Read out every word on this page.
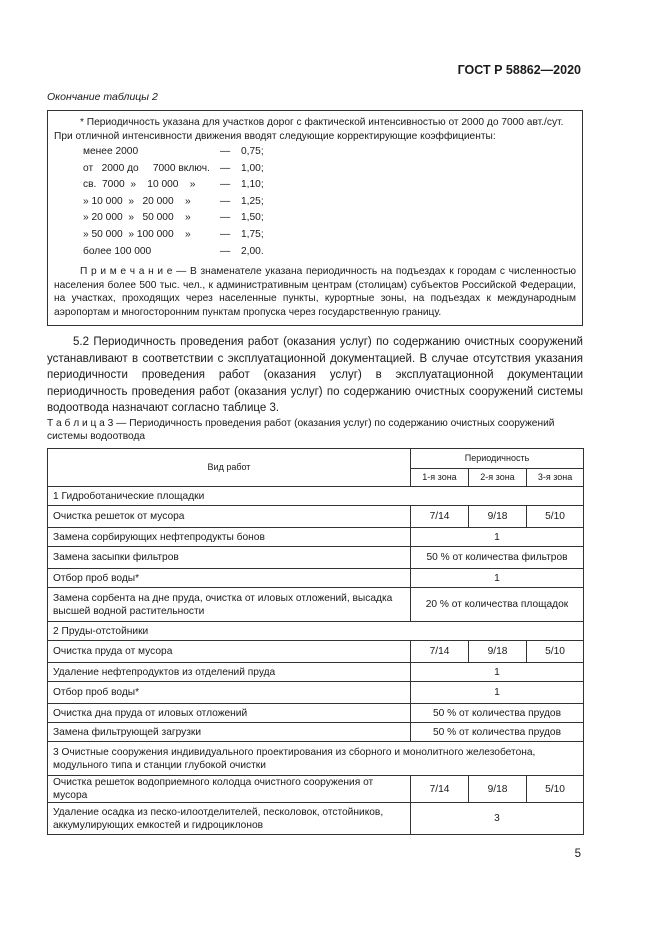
ГОСТ Р 58862—2020
Окончание таблицы 2
* Периодичность указана для участков дорог с фактической интенсивностью от 2000 до 7000 авт./сут. При отличной интенсивности движения вводят следующие корректирующие коэффициенты:
менее 2000	— 0,75;
от   2000 до     7000 включ. — 1,00;
св.  7000  »    10 000    » — 1,10;
» 10 000  »   20 000    »	— 1,25;
» 20 000  »   50 000    »	— 1,50;
» 50 000  » 100 000    »	— 1,75;
более 100 000	— 2,00.
П р и м е ч а н и е — В знаменателе указана периодичность на подъездах к городам с численностью населения более 500 тыс. чел., к административным центрам (столицам) субъектов Российской Федерации, на участках, проходящих через населенные пункты, курортные зоны, на подъездах к международным аэропортам и многосторонним пунктам пропуска через государственную границу.
5.2 Периодичность проведения работ (оказания услуг) по содержанию очистных сооружений устанавливают в соответствии с эксплуатационной документацией. В случае отсутствия указания периодичности проведения работ (оказания услуг) в эксплуатационной документации периодичность проведения работ (оказания услуг) по содержанию очистных сооружений системы водоотвода назначают согласно таблице 3.
Т а б л и ц а 3 — Периодичность проведения работ (оказания услуг) по содержанию очистных сооружений системы водоотвода
Вид работ	Периодичность		
	1-я зона	2-я зона	3-я зона
1 Гидроботанические площадки			
Очистка решеток от мусора	7/14	9/18	5/10
Замена сорбирующих нефтепродукты бонов	1		
Замена засыпки фильтров	50 % от количества фильтров		
Отбор проб воды*	1		
Замена сорбента на дне пруда, очистка от иловых отложений, высадка высшей водной растительности	20 % от количества площадок		
2 Пруды-отстойники			
Очистка пруда от мусора	7/14	9/18	5/10
Удаление нефтепродуктов из отделений пруда	1		
Отбор проб воды*	1		
Очистка дна пруда от иловых отложений	50 % от количества прудов		
Замена фильтрующей загрузки	50 % от количества прудов		
3 Очистные сооружения индивидуального проектирования из сборного и монолитного железобетона, модульного типа и станции глубокой очистки			
Очистка решеток водоприемного колодца очистного сооружения от мусора	7/14	9/18	5/10
Удаление осадка из песко-илоотделителей, песколовок, отстойников, аккумулирующих емкостей и гидроциклонов	3		
5
